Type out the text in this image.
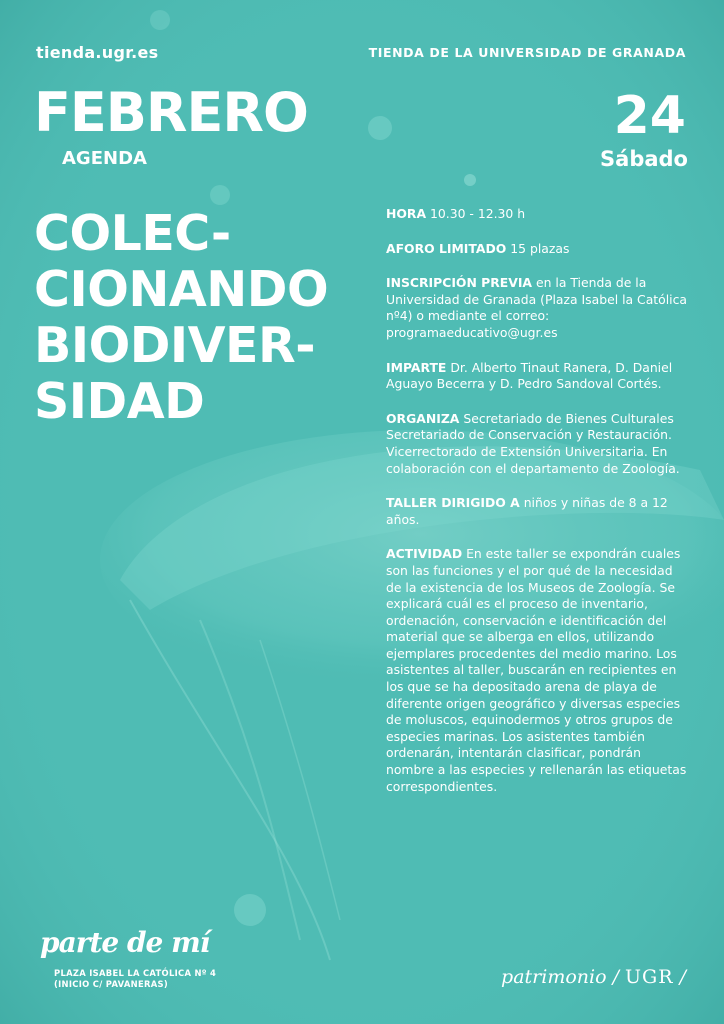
tienda.ugr.es	TIENDA DE LA UNIVERSIDAD DE GRANADA
FEBRERO
AGENDA
24
Sábado
COLEC-
CIONANDO
BIODIVER-
SIDAD

HORA 10.30 - 12.30 h

AFORO LIMITADO 15 plazas

INSCRIPCIÓN PREVIA en la Tienda de la Universidad de Granada (Plaza Isabel la Católica nº4) o mediante el correo: programaeducativo@ugr.es

IMPARTE Dr. Alberto Tinaut Ranera, D. Daniel Aguayo Becerra y D. Pedro Sandoval Cortés.

ORGANIZA Secretariado de Bienes Culturales Secretariado de Conservación y Restauración. Vicerrectorado de Extensión Universitaria. En colaboración con el departamento de Zoología.

TALLER DIRIGIDO A niños y niñas de 8 a 12 años.

ACTIVIDAD En este taller se expondrán cuales son las funciones y el por qué de la necesidad de la existencia de los Museos de Zoología. Se explicará cuál es el proceso de inventario, ordenación, conservación e identificación del material que se alberga en ellos, utilizando ejemplares procedentes del medio marino. Los asistentes al taller, buscarán en recipientes en los que se ha depositado arena de playa de diferente origen geográfico y diversas especies de moluscos, equinodermos y otros grupos de especies marinas. Los asistentes también ordenarán, intentarán clasificar, pondrán nombre a las especies y rellenarán las etiquetas correspondientes.

parte de mí
PLAZA ISABEL LA CATÓLICA Nº 4
(INICIO C/ PAVANERAS)	patrimonio / UGR /
